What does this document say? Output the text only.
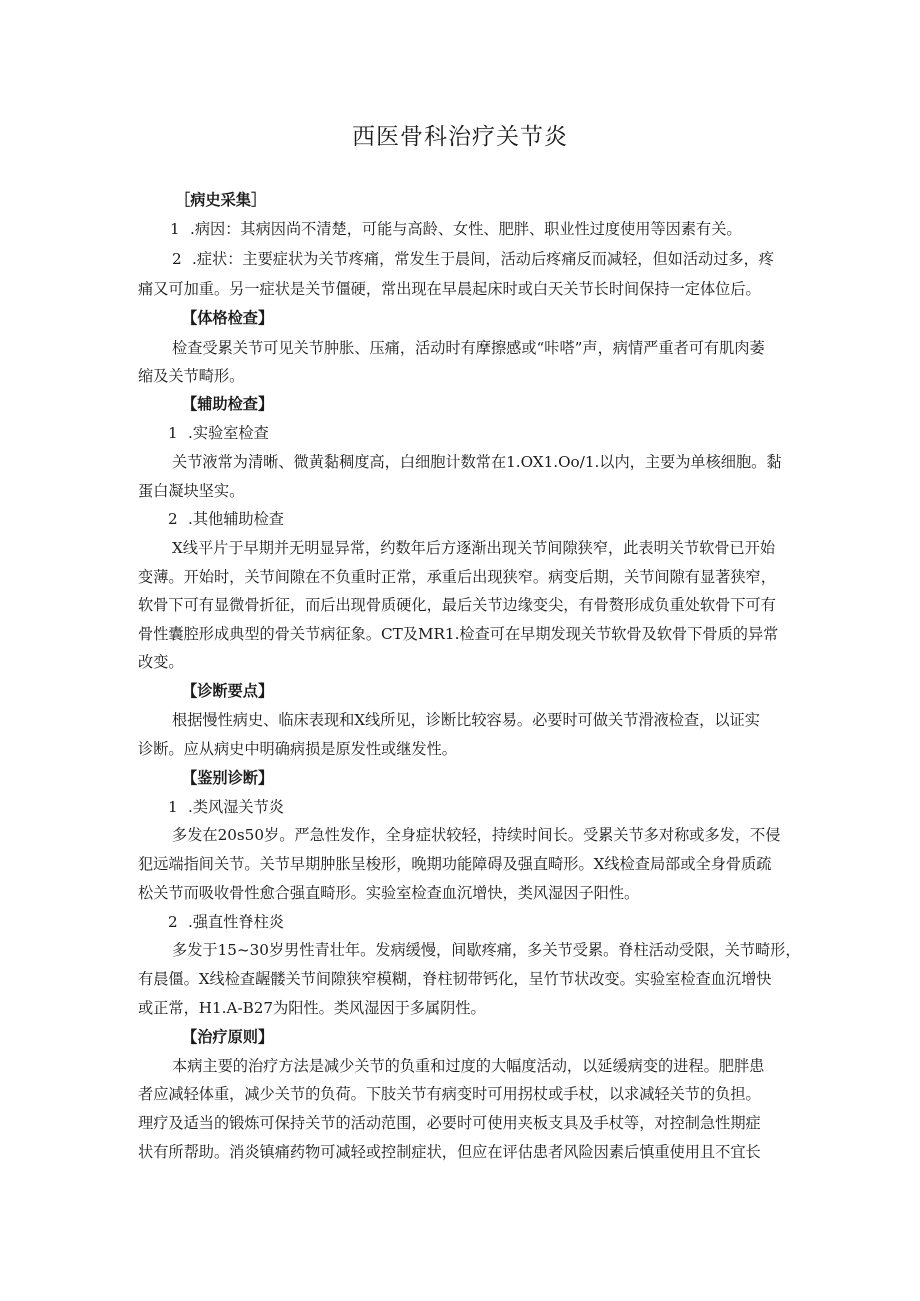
西医骨科治疗关节炎
［病史采集］
1 .病因：其病因尚不清楚，可能与高龄、女性、肥胖、职业性过度使用等因素有关。
2 .症状：主要症状为关节疼痛，常发生于晨间，活动后疼痛反而减轻，但如活动过多，疼
痛又可加重。另一症状是关节僵硬，常出现在早晨起床时或白天关节长时间保持一定体位后。
【体格检查】
检查受累关节可见关节肿胀、压痛，活动时有摩擦感或“咔嗒”声，病情严重者可有肌肉萎
缩及关节畸形。
【辅助检查】
1 .实验室检查
关节液常为清晰、微黄黏稠度高，白细胞计数常在1.OX1.Oo/1.以内，主要为单核细胞。黏
蛋白凝块坚实。
2 .其他辅助检查
X线平片于早期并无明显异常，约数年后方逐渐出现关节间隙狭窄，此表明关节软骨已开始
变薄。开始时，关节间隙在不负重时正常，承重后出现狭窄。病变后期，关节间隙有显著狭窄，
软骨下可有显微骨折征，而后出现骨质硬化，最后关节边缘变尖，有骨赘形成负重处软骨下可有
骨性囊腔形成典型的骨关节病征象。CT及MR1.检查可在早期发现关节软骨及软骨下骨质的异常
改变。
【诊断要点】
根据慢性病史、临床表现和X线所见，诊断比较容易。必要时可做关节滑液检查，以证实
诊断。应从病史中明确病损是原发性或继发性。
【鉴别诊断】
1 .类风湿关节炎
多发在20s50岁。严急性发作，全身症状较轻，持续时间长。受累关节多对称或多发，不侵
犯远端指间关节。关节早期肿胀呈梭形，晚期功能障碍及强直畸形。X线检查局部或全身骨质疏
松关节而吸收骨性愈合强直畸形。实验室检查血沉增快，类风湿因子阳性。
2 .强直性脊柱炎
多发于15~30岁男性青壮年。发病缓慢，间歇疼痛，多关节受累。脊柱活动受限，关节畸形，
有晨僵。X线检查龌髅关节间隙狭窄模糊，脊柱韧带钙化，呈竹节状改变。实验室检查血沉增快
或正常，H1.A-B27为阳性。类风湿因于多属阴性。
【治疗原则】
本病主要的治疗方法是减少关节的负重和过度的大幅度活动，以延缓病变的进程。肥胖患
者应减轻体重，减少关节的负荷。下肢关节有病变时可用拐杖或手杖，以求减轻关节的负担。
理疗及适当的锻炼可保持关节的活动范围，必要时可使用夹板支具及手杖等，对控制急性期症
状有所帮助。消炎镇痛药物可减轻或控制症状，但应在评估患者风险因素后慎重使用且不宜长
